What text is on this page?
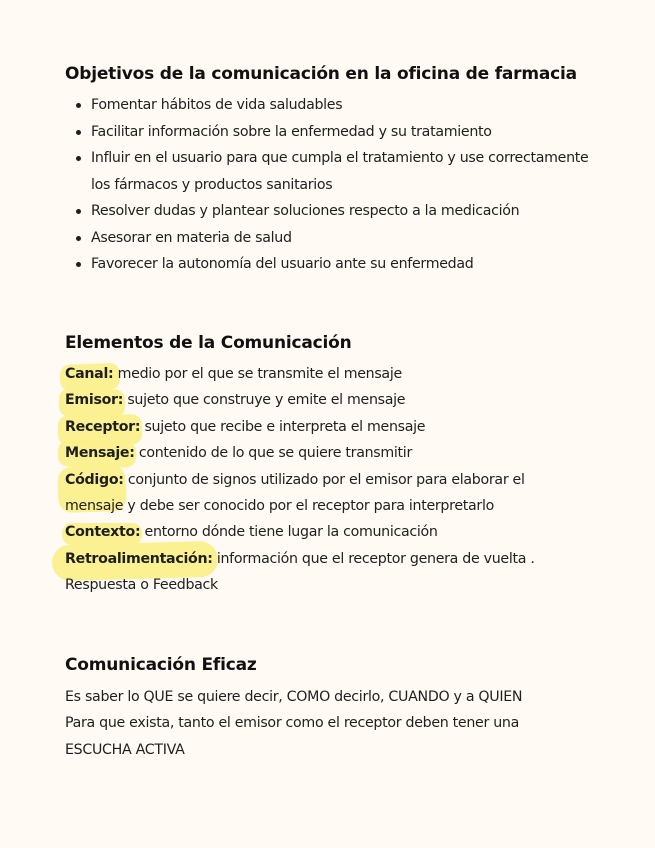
Objetivos de la comunicación en la oficina de farmacia
Fomentar hábitos de vida saludables
Facilitar información sobre la enfermedad y su tratamiento
Influir en el usuario para que cumpla el tratamiento y use correctamente los fármacos y productos sanitarios
Resolver dudas y plantear soluciones respecto a la medicación
Asesorar en materia de salud
Favorecer la autonomía del usuario ante su enfermedad
Elementos de la Comunicación

Canal: medio por el que se transmite el mensaje

Emisor: sujeto que construye y emite el mensaje

Receptor: sujeto que recibe e interpreta el mensaje

Mensaje: contenido de lo que se quiere transmitir

Código: conjunto de signos utilizado por el emisor para elaborar el mensaje y debe ser conocido por el receptor para interpretarlo

Contexto: entorno dónde tiene lugar la comunicación

Retroalimentación: información que el receptor genera de vuelta . Respuesta o Feedback

Comunicación Eficaz

Es saber lo QUE se quiere decir, COMO decirlo, CUANDO y a QUIEN

Para que exista, tanto el emisor como el receptor deben tener una ESCUCHA ACTIVA
